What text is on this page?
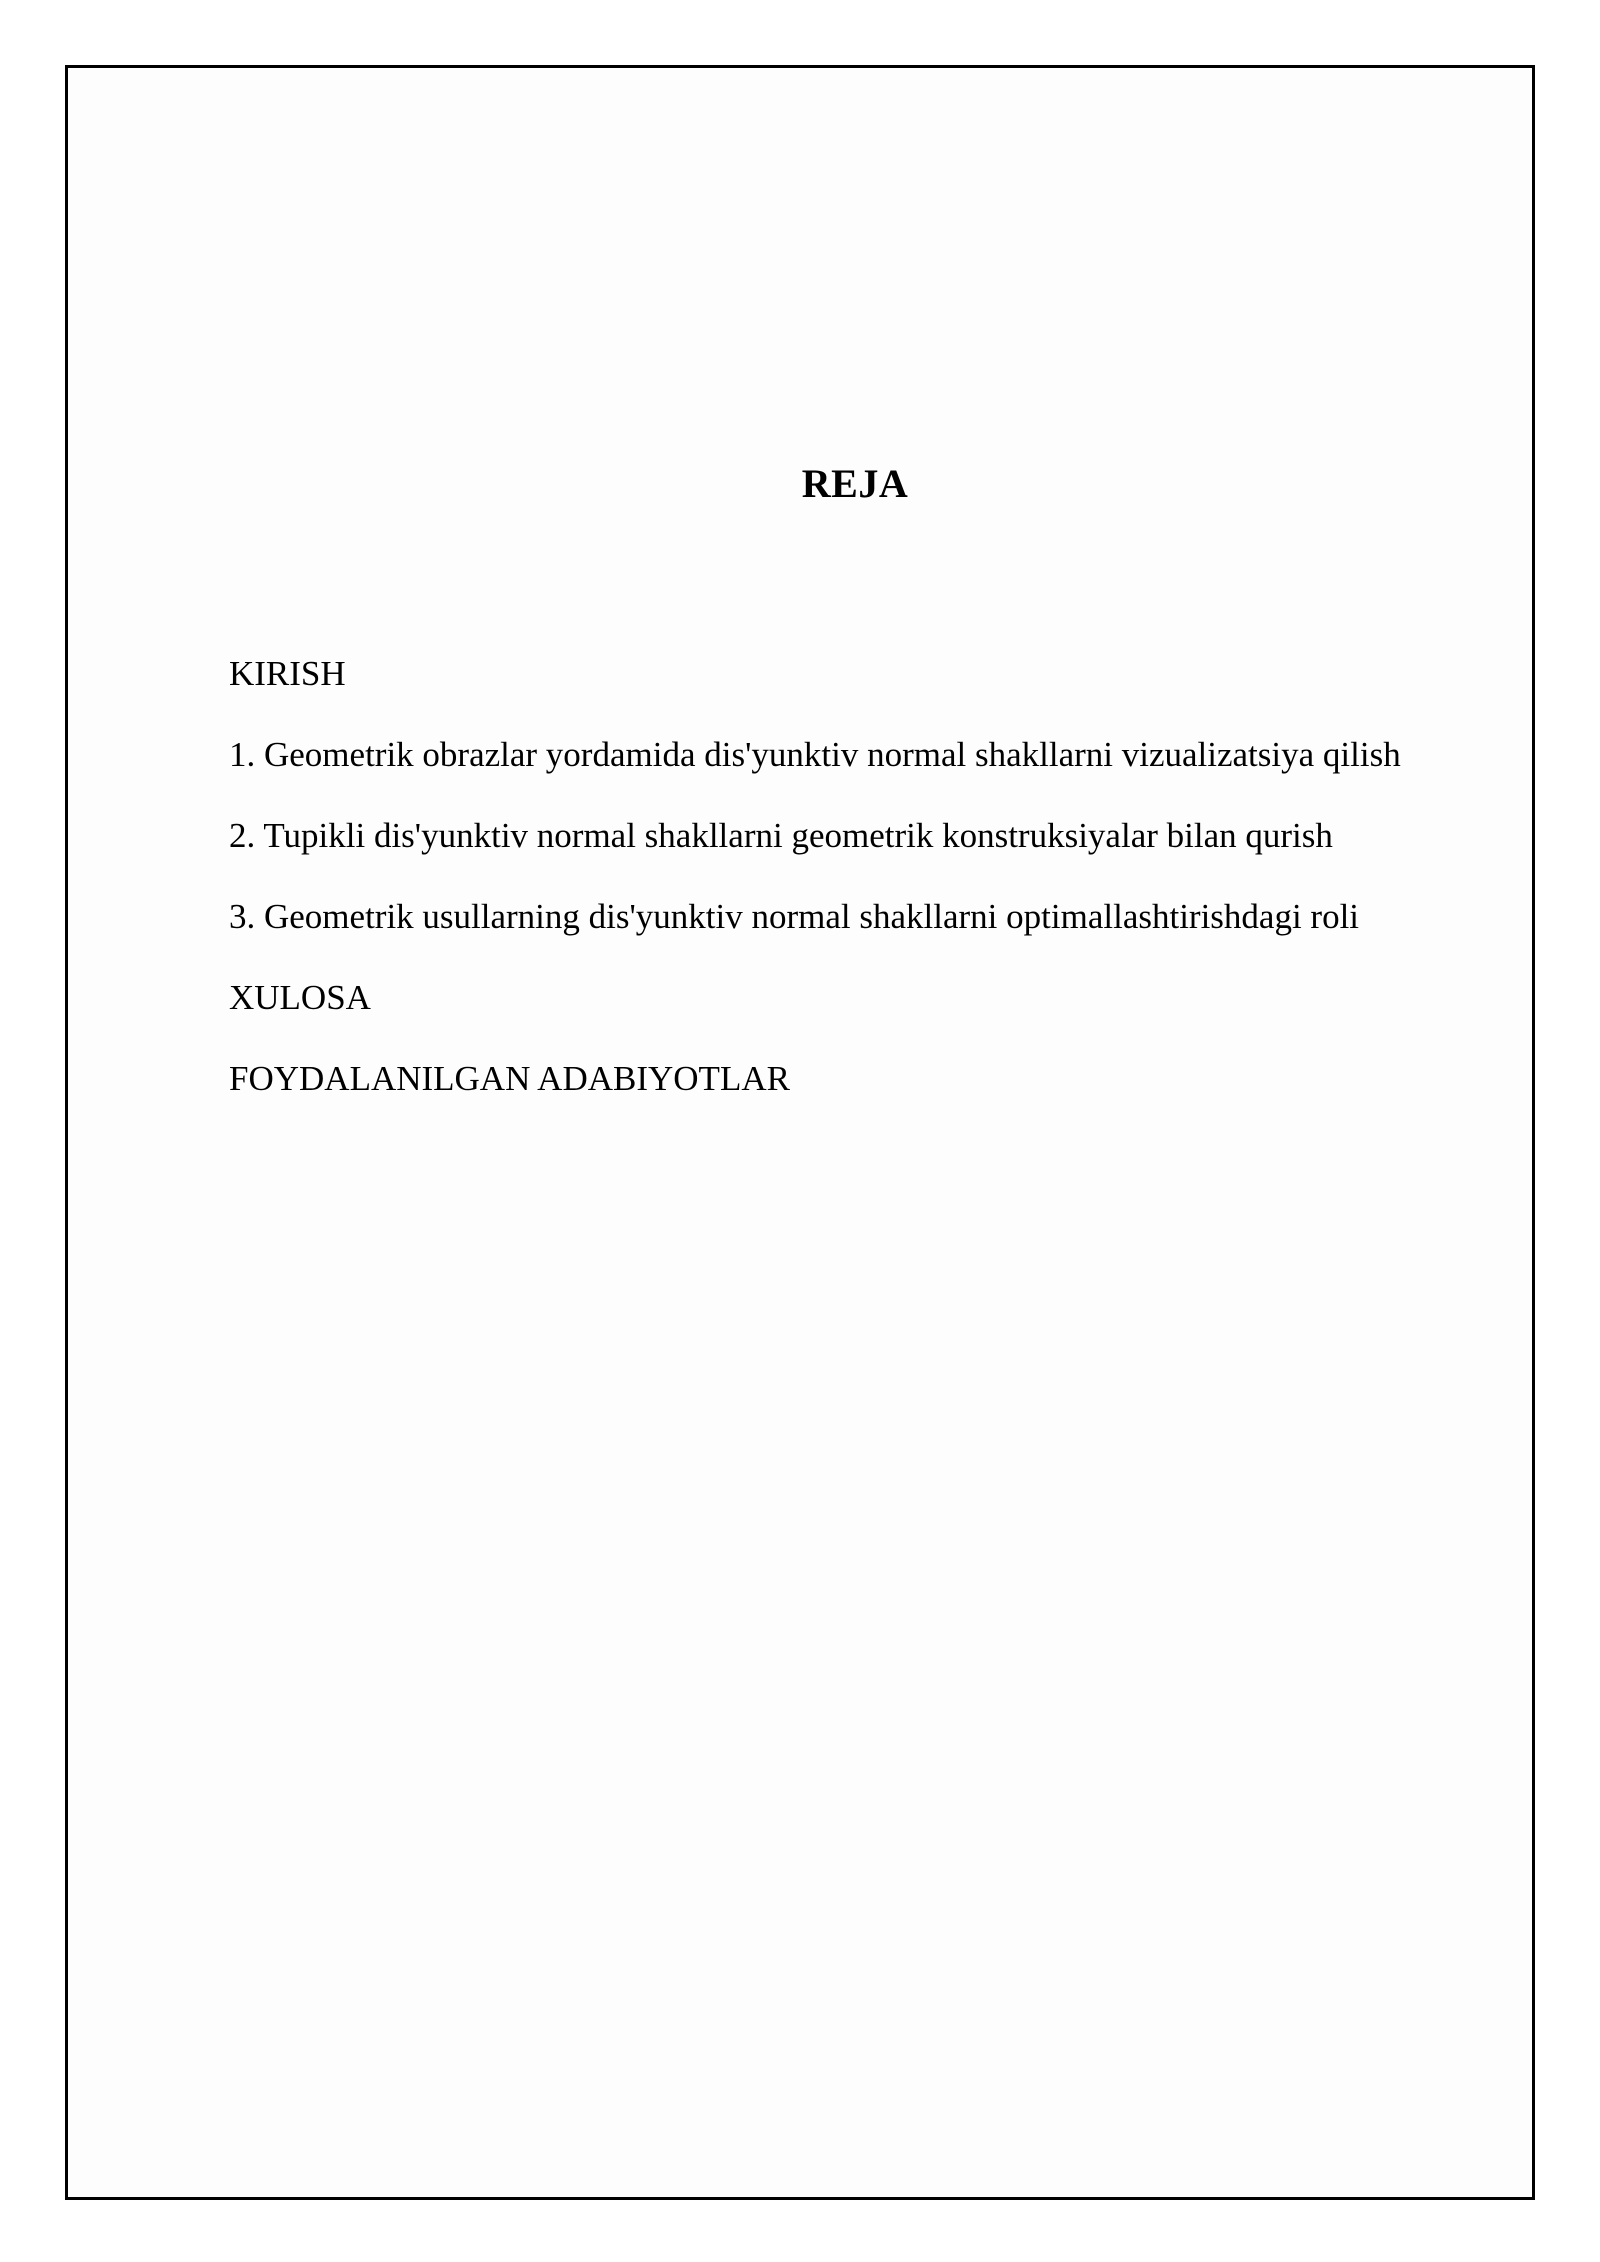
REJA
KIRISH
1. Geometrik obrazlar yordamida dis'yunktiv normal shakllarni vizualizatsiya qilish
2. Tupikli dis'yunktiv normal shakllarni geometrik konstruksiyalar bilan qurish
3. Geometrik usullarning dis'yunktiv normal shakllarni optimallashtirishdagi roli
XULOSA
FOYDALANILGAN ADABIYOTLAR
